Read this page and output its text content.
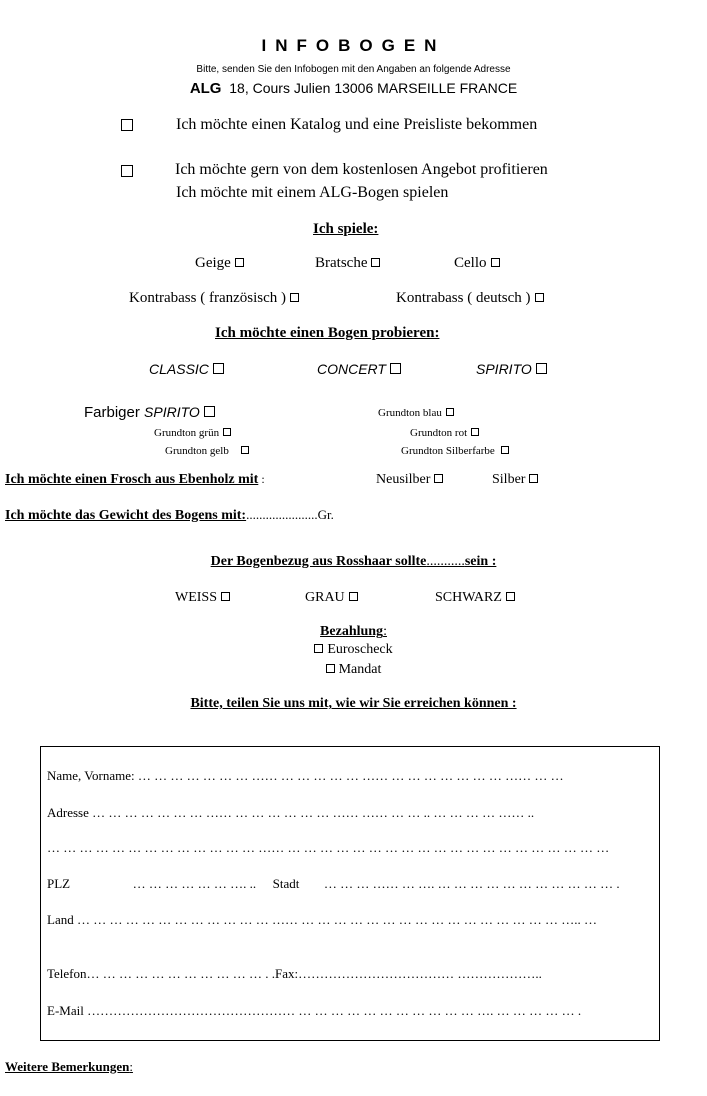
INFOBOGEN
Bitte, senden Sie den Infobogen mit den Angaben an folgende Adresse
ALG 18, Cours Julien 13006 MARSEILLE FRANCE
Ich möchte einen Katalog und eine Preisliste bekommen
Ich möchte gern von dem kostenlosen Angebot profitieren
Ich möchte mit einem ALG-Bogen spielen
Ich spiele:
Geige	Bratsche	Cello
Kontrabass ( französisch )	Kontrabass ( deutsch )
Ich möchte einen Bogen probieren:
CLASSIC	CONCERT	SPIRITO
Farbiger SPIRITO	Grundton blau
Grundton grün	Grundton rot
Grundton gelb	Grundton Silberfarbe
Ich möchte einen Frosch aus Ebenholz mit :	Neusilber	Silber
Ich möchte das Gewicht des Bogens mit:......................Gr.
Der Bogenbezug aus Rosshaar sollte...........sein :
WEISS	GRAU	SCHWARZ
Bezahlung:
Euroscheck
Mandat
Bitte, teilen Sie uns mit, wie wir Sie erreichen können :
Name, Vorname: … … … … … … … …… … … … … … …… … … … … … … … …… … …
Adresse … … … … … … … …… … … … … … … …… …… … … .. … … … … …… ..
… … … … … … … … … … … … … …… … … … … … … … … … … … … … … … … … … … …
PLZ	… … … … … … …. .. Stadt … … … …… … …. … … … … … … … … … … … .
Land … … … … … … … … … … … … …… … … … … … … … … … … … … … … … … ….. …
Telefon… … … … … … … … … … … . .Fax:……………………………… ………………..
E-Mail ………………………………………… … … … … … … … … … … … …. … … … … … .
Weitere Bemerkungen:
